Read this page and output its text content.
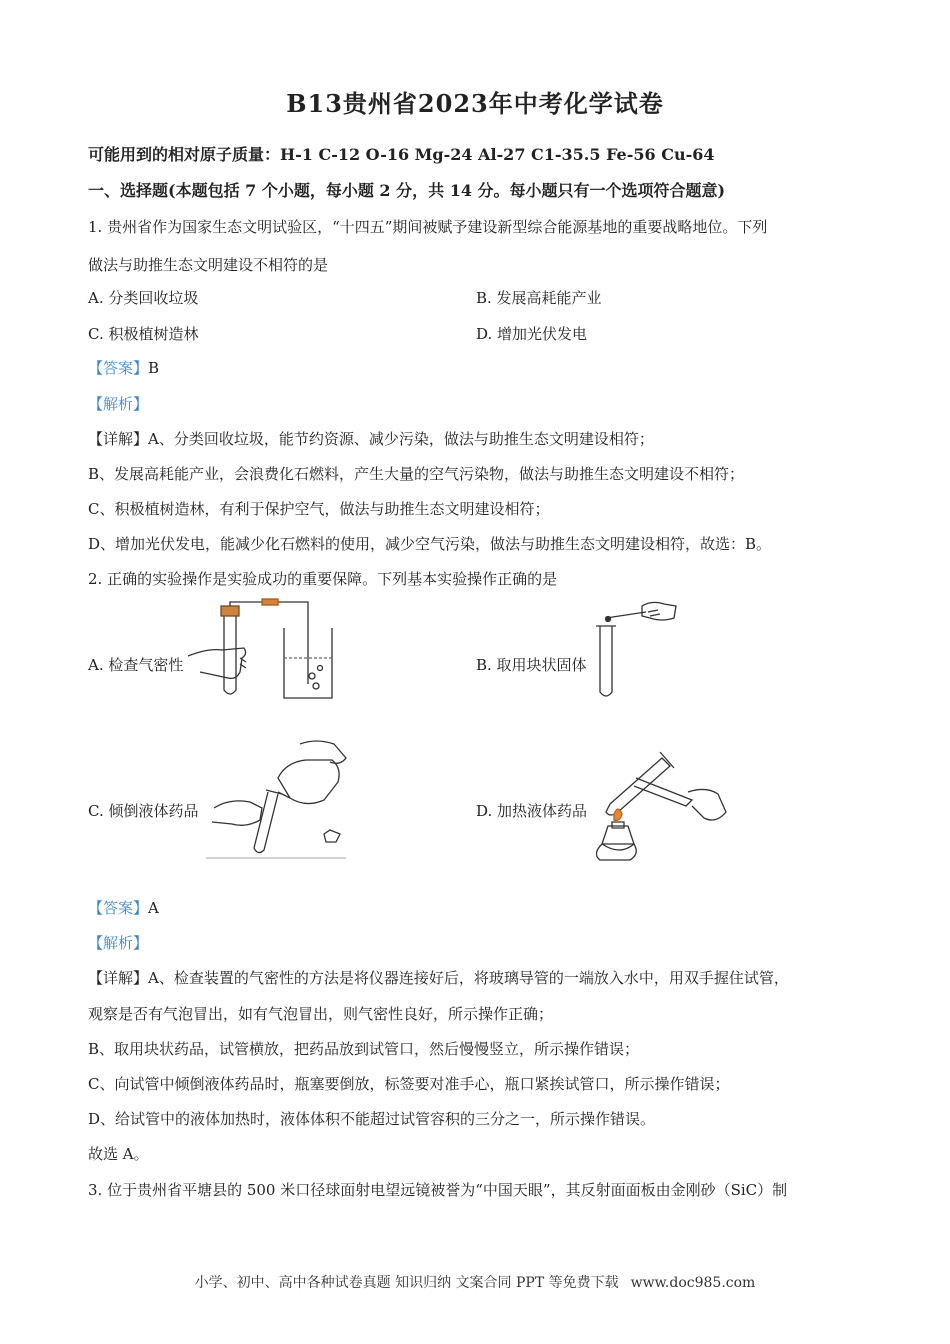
B13贵州省2023年中考化学试卷
可能用到的相对原子质量：H-1 C-12 O-16 Mg-24 Al-27 C1-35.5 Fe-56 Cu-64
一、选择题(本题包括 7 个小题，每小题 2 分，共 14 分。每小题只有一个选项符合题意)
1. 贵州省作为国家生态文明试验区，“十四五”期间被赋予建设新型综合能源基地的重要战略地位。下列
做法与助推生态文明建设不相符的是
A. 分类回收垃圾	B. 发展高耗能产业
C. 积极植树造林	D. 增加光伏发电
【答案】B
【解析】
【详解】A、分类回收垃圾，能节约资源、减少污染，做法与助推生态文明建设相符；
B、发展高耗能产业，会浪费化石燃料，产生大量的空气污染物，做法与助推生态文明建设不相符；
C、积极植树造林，有利于保护空气，做法与助推生态文明建设相符；
D、增加光伏发电，能减少化石燃料的使用，减少空气污染，做法与助推生态文明建设相符，故选：B。
2. 正确的实验操作是实验成功的重要保障。下列基本实验操作正确的是
A. 检查气密性	B. 取用块状固体
C. 倾倒液体药品	D. 加热液体药品
【答案】A
【解析】
【详解】A、检查装置的气密性的方法是将仪器连接好后，将玻璃导管的一端放入水中，用双手握住试管，
观察是否有气泡冒出，如有气泡冒出，则气密性良好，所示操作正确；
B、取用块状药品，试管横放，把药品放到试管口，然后慢慢竖立，所示操作错误；
C、向试管中倾倒液体药品时，瓶塞要倒放，标签要对准手心，瓶口紧挨试管口，所示操作错误；
D、给试管中的液体加热时，液体体积不能超过试管容积的三分之一，所示操作错误。
故选 A。
3. 位于贵州省平塘县的 500 米口径球面射电望远镜被誉为“中国天眼”，其反射面面板由金刚砂（SiC）制
小学、初中、高中各种试卷真题 知识归纳 文案合同 PPT 等免费下载 www.doc985.com
